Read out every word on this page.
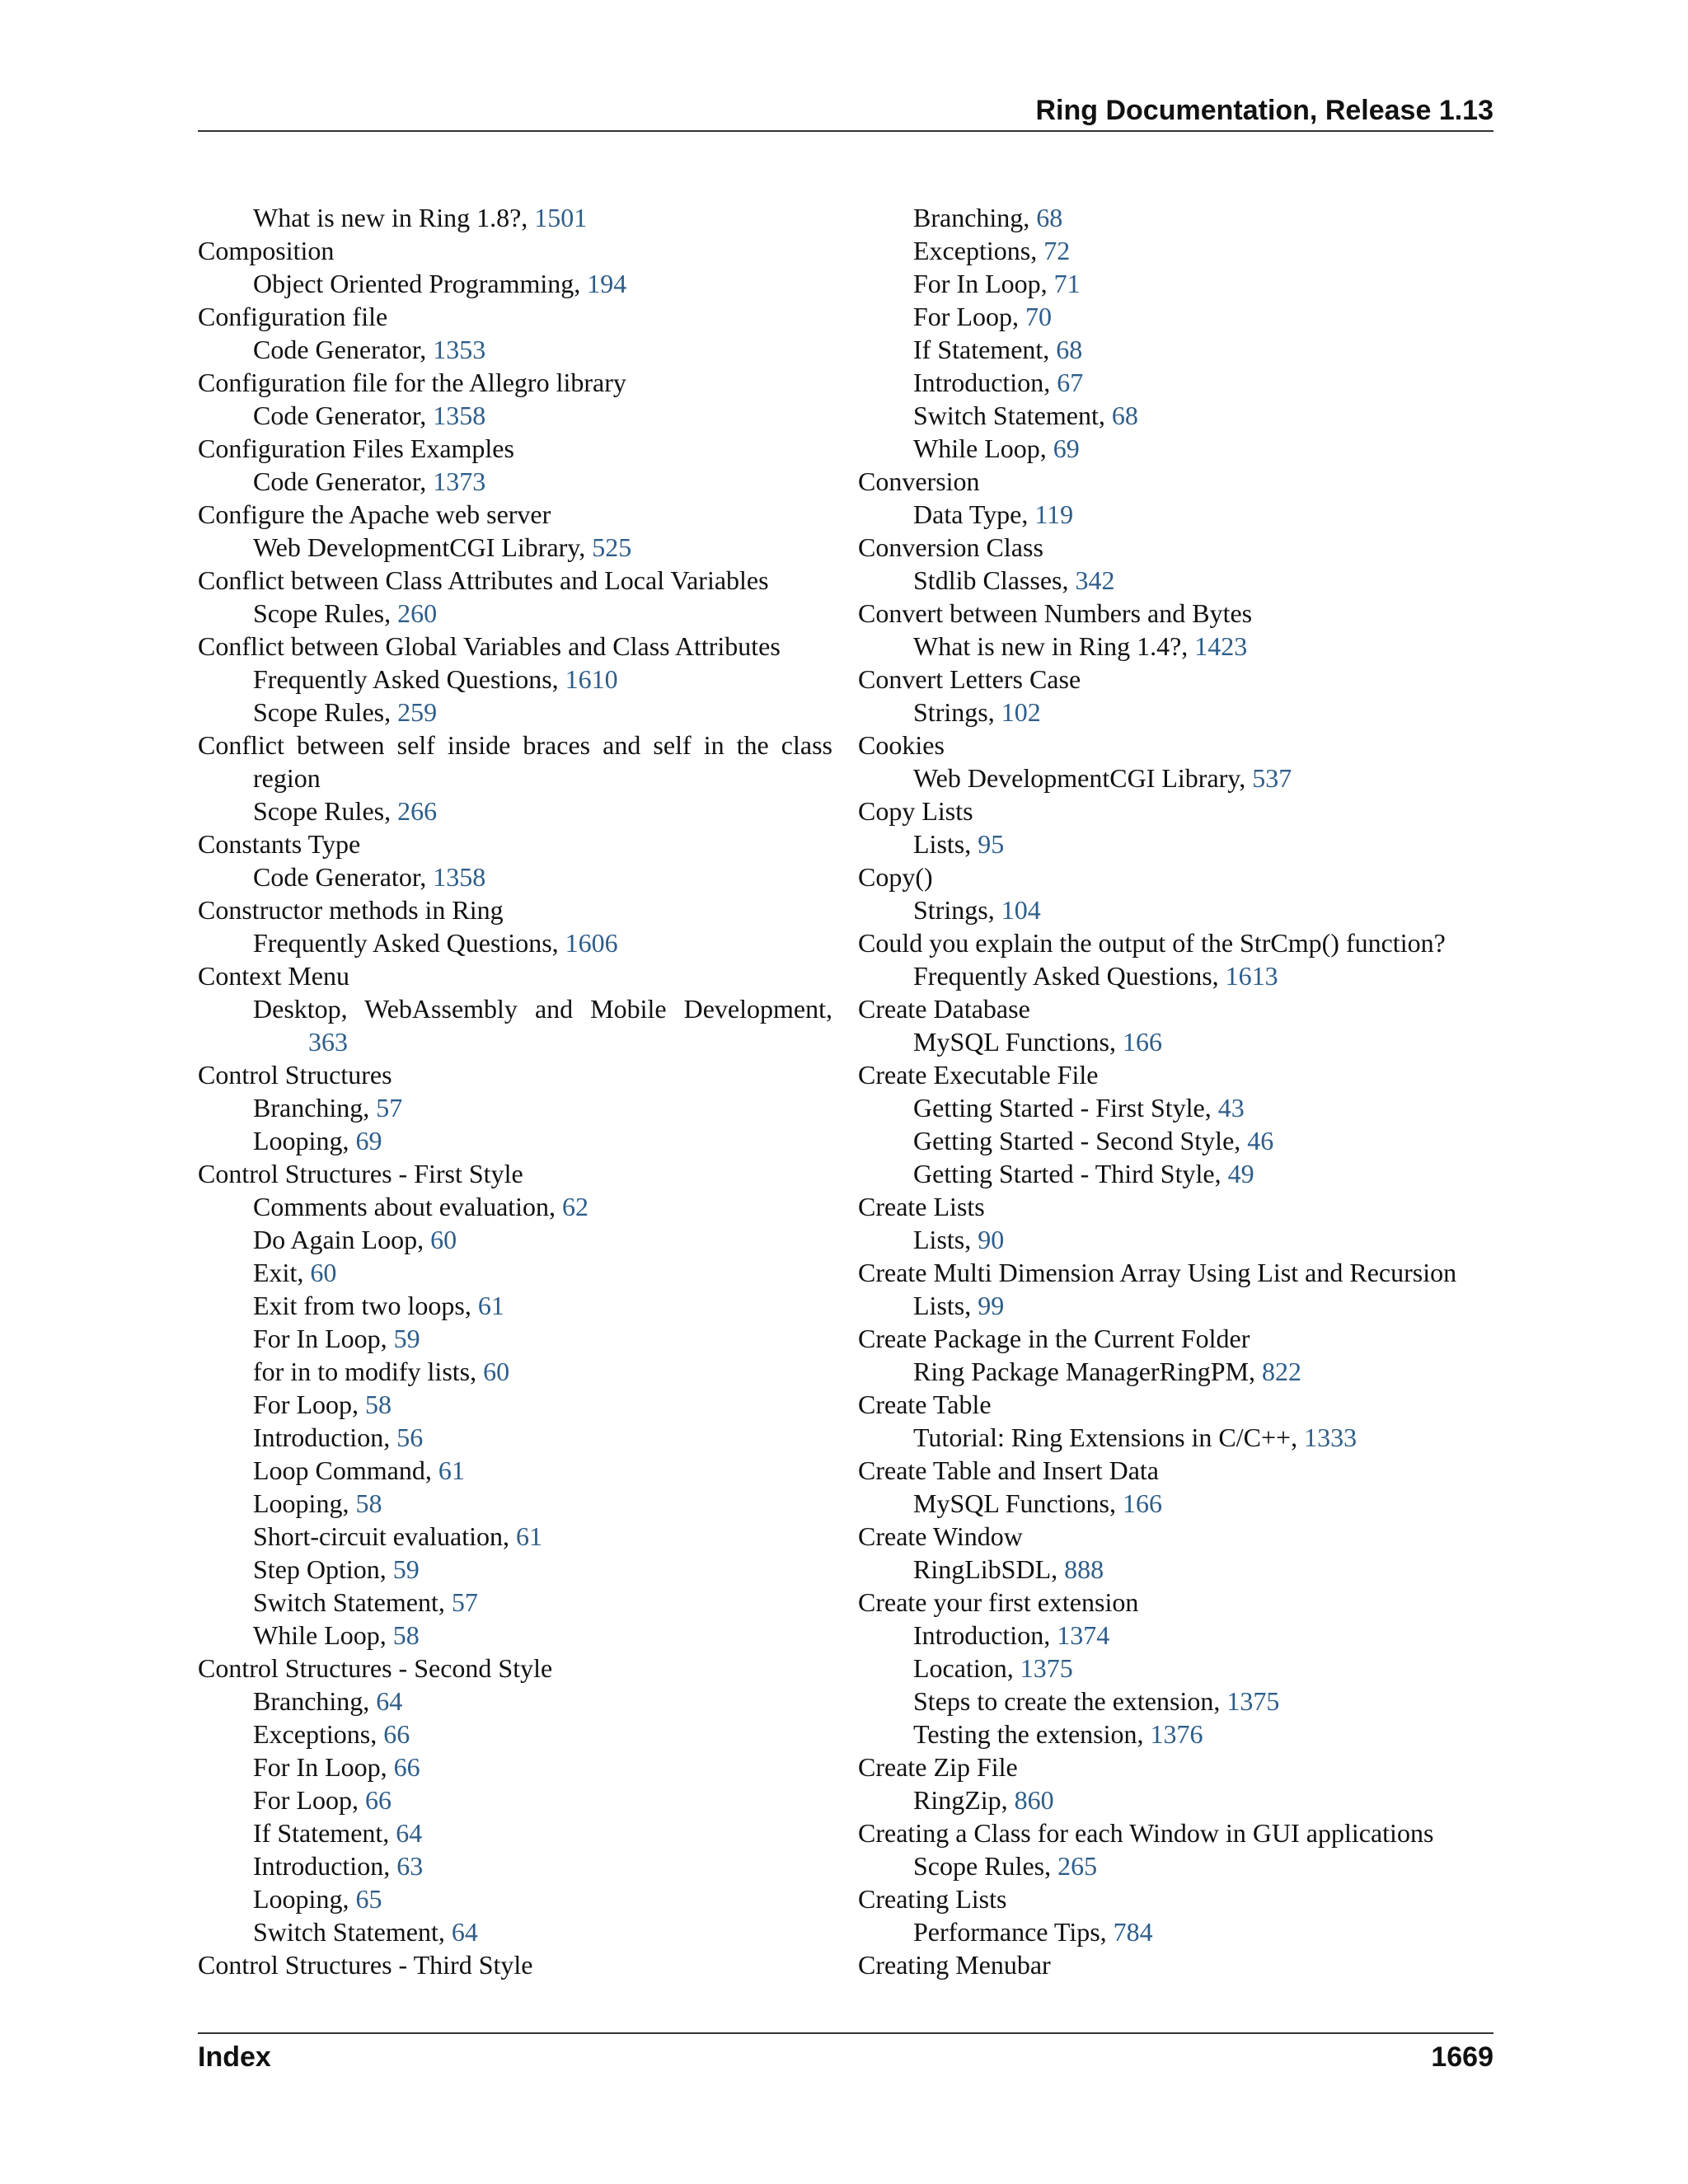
Ring Documentation, Release 1.13
What is new in Ring 1.8?, 1501
Composition
Object Oriented Programming, 194
Configuration file
Code Generator, 1353
Configuration file for the Allegro library
Code Generator, 1358
Configuration Files Examples
Code Generator, 1373
Configure the Apache web server
Web DevelopmentCGI Library, 525
Conflict between Class Attributes and Local Variables
Scope Rules, 260
Conflict between Global Variables and Class Attributes
Frequently Asked Questions, 1610
Scope Rules, 259
Conflict between self inside braces and self in the class region
Scope Rules, 266
Constants Type
Code Generator, 1358
Constructor methods in Ring
Frequently Asked Questions, 1606
Context Menu
Desktop, WebAssembly and Mobile Development, 363
Control Structures
Branching, 57
Looping, 69
Control Structures - First Style
Comments about evaluation, 62
Do Again Loop, 60
Exit, 60
Exit from two loops, 61
For In Loop, 59
for in to modify lists, 60
For Loop, 58
Introduction, 56
Loop Command, 61
Looping, 58
Short-circuit evaluation, 61
Step Option, 59
Switch Statement, 57
While Loop, 58
Control Structures - Second Style
Branching, 64
Exceptions, 66
For In Loop, 66
For Loop, 66
If Statement, 64
Introduction, 63
Looping, 65
Switch Statement, 64
Control Structures - Third Style
Branching, 68
Exceptions, 72
For In Loop, 71
For Loop, 70
If Statement, 68
Introduction, 67
Switch Statement, 68
While Loop, 69
Conversion
Data Type, 119
Conversion Class
Stdlib Classes, 342
Convert between Numbers and Bytes
What is new in Ring 1.4?, 1423
Convert Letters Case
Strings, 102
Cookies
Web DevelopmentCGI Library, 537
Copy Lists
Lists, 95
Copy()
Strings, 104
Could you explain the output of the StrCmp() function?
Frequently Asked Questions, 1613
Create Database
MySQL Functions, 166
Create Executable File
Getting Started - First Style, 43
Getting Started - Second Style, 46
Getting Started - Third Style, 49
Create Lists
Lists, 90
Create Multi Dimension Array Using List and Recursion
Lists, 99
Create Package in the Current Folder
Ring Package ManagerRingPM, 822
Create Table
Tutorial: Ring Extensions in C/C++, 1333
Create Table and Insert Data
MySQL Functions, 166
Create Window
RingLibSDL, 888
Create your first extension
Introduction, 1374
Location, 1375
Steps to create the extension, 1375
Testing the extension, 1376
Create Zip File
RingZip, 860
Creating a Class for each Window in GUI applications
Scope Rules, 265
Creating Lists
Performance Tips, 784
Creating Menubar
Index	1669
